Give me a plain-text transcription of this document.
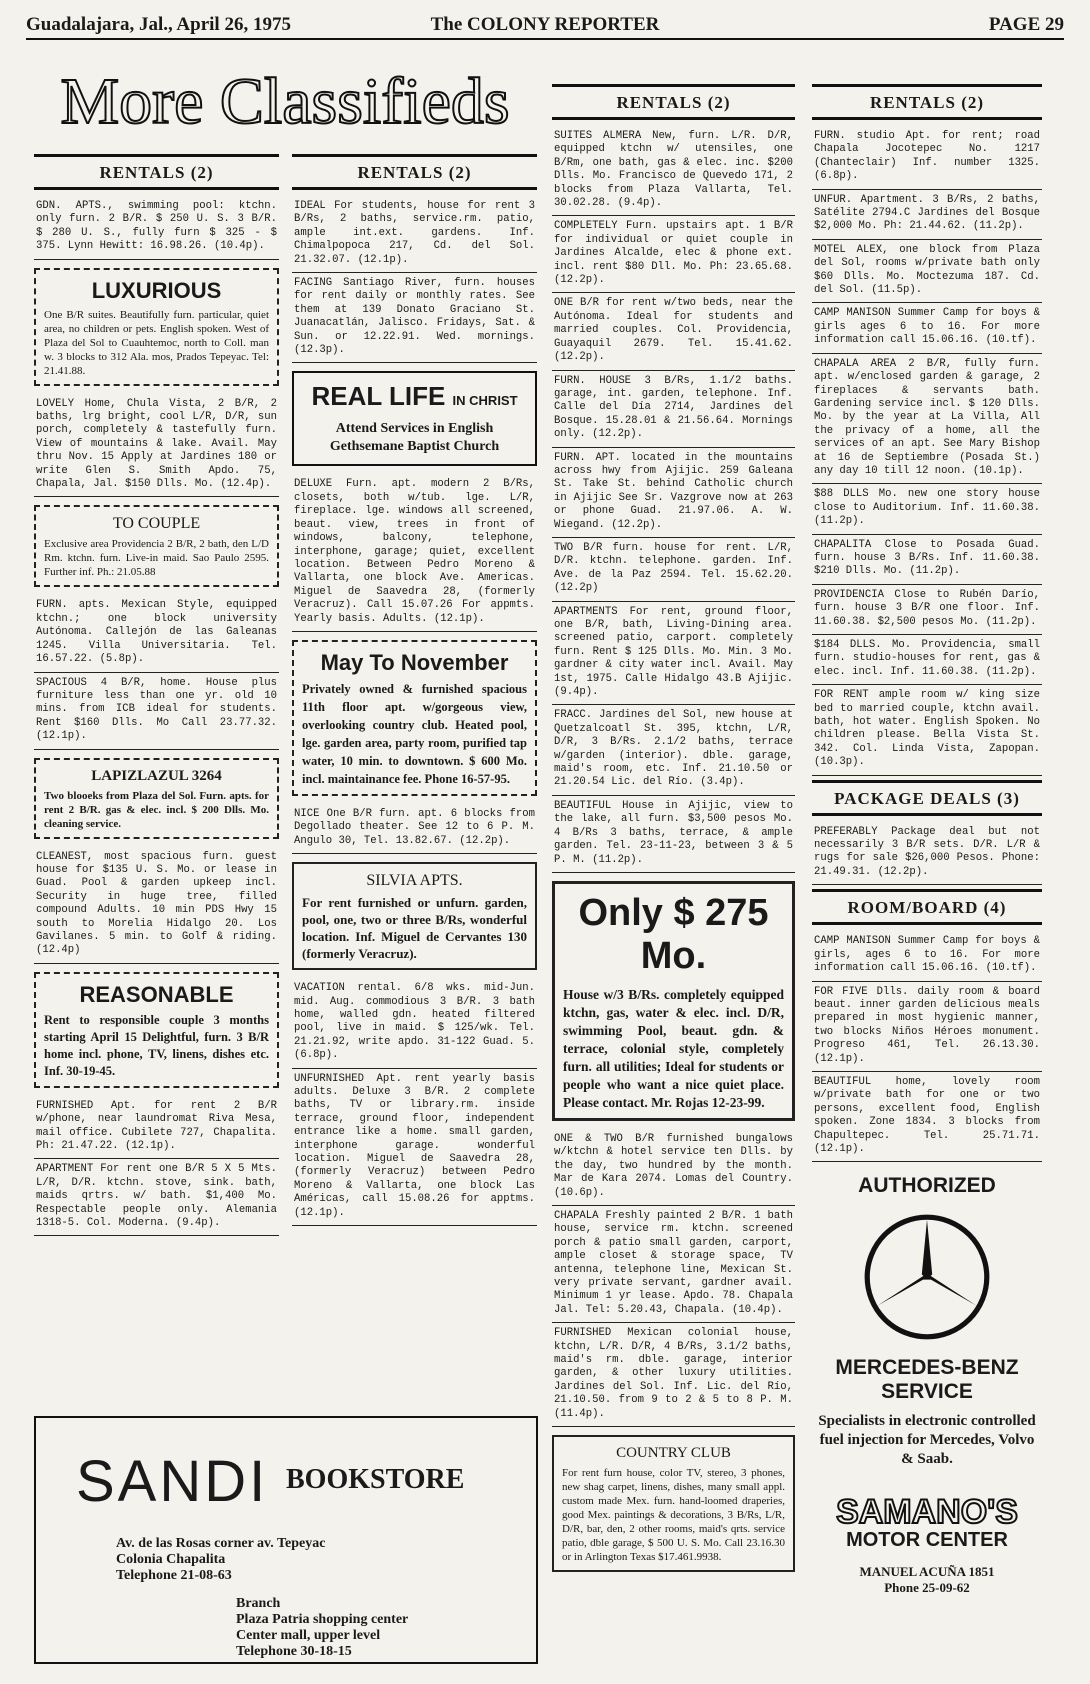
Guadalajara, Jal., April 26, 1975	The COLONY REPORTER	PAGE 29
More Classifieds
RENTALS (2)
GDN. APTS., swimming pool: ktchn. only furn. 2 B/R. $ 250 U. S. 3 B/R. $ 280 U. S., fully furn $ 325 - $ 375. Lynn Hewitt: 16.98.26. (10.4p).
LUXURIOUS
One B/R suites. Beautifully furn. particular, quiet area, no children or pets. English spoken. West of Plaza del Sol to Cuauhtemoc, north to Coll. man w. 3 blocks to 312 Ala. mos, Prados Tepeyac. Tel: 21.41.88.
LOVELY Home, Chula Vista, 2 B/R, 2 baths, lrg bright, cool L/R, D/R, sun porch, completely & tastefully furn. View of mountains & lake. Avail. May thru Nov. 15 Apply at Jardines 180 or write Glen S. Smith Apdo. 75, Chapala, Jal. $150 Dlls. Mo. (12.4p).
TO COUPLE
Exclusive area Providencia 2 B/R, 2 bath, den L/D Rm. ktchn. furn. Live-in maid. Sao Paulo 2595. Further inf. Ph.: 21.05.88
FURN. apts. Mexican Style, equipped ktchn.; one block university Autónoma. Callejón de las Galeanas 1245. Villa Universitaria. Tel. 16.57.22. (5.8p).
SPACIOUS 4 B/R, home. House plus furniture less than one yr. old 10 mins. from ICB ideal for students. Rent $160 Dlls. Mo Call 23.77.32. (12.1p).
LAPIZLAZUL 3264
Two blooeks from Plaza del Sol. Furn. apts. for rent 2 B/R. gas & elec. incl. $ 200 Dlls. Mo. cleaning service.
CLEANEST, most spacious furn. guest house for $135 U. S. Mo. or lease in Guad. Pool & garden upkeep incl. Security in huge tree, filled compound Adults. 10 min PDS Hwy 15 south to Morelia Hidalgo 20. Los Gavilanes. 5 min. to Golf & riding. (12.4p)
REASONABLE
Rent to responsible couple 3 months starting April 15 Delightful, furn. 3 B/R home incl. phone, TV, linens, dishes etc. Inf. 30-19-45.
FURNISHED Apt. for rent 2 B/R w/phone, near laundromat Riva Mesa, mail office. Cubilete 727, Chapalita. Ph: 21.47.22. (12.1p).
APARTMENT For rent one B/R 5 X 5 Mts. L/R, D/R. ktchn. stove, sink. bath, maids qrtrs. w/ bath. $1,400 Mo. Respectable people only. Alemania 1318-5. Col. Moderna. (9.4p).
RENTALS (2)
IDEAL For students, house for rent 3 B/Rs, 2 baths, service.rm. patio, ample int.ext. gardens. Inf. Chimalpopoca 217, Cd. del Sol. 21.32.07. (12.1p).
FACING Santiago River, furn. houses for rent daily or monthly rates. See them at 139 Donato Graciano St. Juanacatlán, Jalisco. Fridays, Sat. & Sun. or 12.22.91. Wed. mornings. (12.3p).
REAL LIFE IN CHRIST
Attend Services in English Gethsemane Baptist Church
DELUXE Furn. apt. modern 2 B/Rs, closets, both w/tub. lge. L/R, fireplace. lge. windows all screened, beaut. view, trees in front of windows, balcony, telephone, interphone, garage; quiet, excellent location. Between Pedro Moreno & Vallarta, one block Ave. Americas. Miguel de Saavedra 28, (formerly Veracruz). Call 15.07.26 For appmts. Yearly basis. Adults. (12.1p).
May To November
Privately owned & furnished spacious 11th floor apt. w/gorgeous view, overlooking country club. Heated pool, lge. garden area, party room, purified tap water, 10 min. to downtown. $ 600 Mo. incl. maintainance fee. Phone 16-57-95.
NICE One B/R furn. apt. 6 blocks from Degollado theater. See 12 to 6 P. M. Angulo 30, Tel. 13.82.67. (12.2p).
SILVIA APTS.
For rent furnished or unfurn. garden, pool, one, two or three B/Rs, wonderful location. Inf. Miguel de Cervantes 130 (formerly Veracruz).
VACATION rental. 6/8 wks. mid-Jun. mid. Aug. commodious 3 B/R. 3 bath home, walled gdn. heated filtered pool, live in maid. $ 125/wk. Tel. 21.21.92, write apdo. 31-122 Guad. 5. (6.8p).
UNFURNISHED Apt. rent yearly basis adults. Deluxe 3 B/R. 2 complete baths, TV or library.rm. inside terrace, ground floor, independent entrance like a home. small garden, interphone garage. wonderful location. Miguel de Saavedra 28, (formerly Veracruz) between Pedro Moreno & Vallarta, one block Las Américas, call 15.08.26 for apptms. (12.1p).
RENTALS (2)
SUITES ALMERA New, furn. L/R. D/R, equipped ktchn w/ utensiles, one B/Rm, one bath, gas & elec. inc. $200 Dlls. Mo. Francisco de Quevedo 171, 2 blocks from Plaza Vallarta, Tel. 30.02.28. (9.4p).
COMPLETELY Furn. upstairs apt. 1 B/R for individual or quiet couple in Jardines Alcalde, elec & phone ext. incl. rent $80 Dll. Mo. Ph: 23.65.68. (12.2p).
ONE B/R for rent w/two beds, near the Autónoma. Ideal for students and married couples. Col. Providencia, Guayaquil 2679. Tel. 15.41.62. (12.2p).
FURN. HOUSE 3 B/Rs, 1.1/2 baths. garage, int. garden, telephone. Inf. Calle del Día 2714, Jardines del Bosque. 15.28.01 & 21.56.64. Mornings only. (12.2p).
FURN. APT. located in the mountains across hwy from Ajijic. 259 Galeana St. Take St. behind Catholic church in Ajijic See Sr. Vazgrove now at 263 or phone Guad. 21.97.06. A. W. Wiegand. (12.2p).
TWO B/R furn. house for rent. L/R, D/R. ktchn. telephone. garden. Inf. Ave. de la Paz 2594. Tel. 15.62.20. (12.2p)
APARTMENTS For rent, ground floor, one B/R, bath, Living-Dining area. screened patio, carport. completely furn. Rent $ 125 Dlls. Mo. Min. 3 Mo. gardner & city water incl. Avail. May 1st, 1975. Calle Hidalgo 43.B Ajijic. (9.4p).
FRACC. Jardines del Sol, new house at Quetzalcoatl St. 395, ktchn, L/R, D/R, 3 B/Rs. 2.1/2 baths, terrace w/garden (interior). dble. garage, maid's room, etc. Inf. 21.10.50 or 21.20.54 Lic. del Río. (3.4p).
BEAUTIFUL House in Ajijic, view to the lake, all furn. $3,500 pesos Mo. 4 B/Rs 3 baths, terrace, & ample garden. Tel. 23-11-23, between 3 & 5 P. M. (11.2p).
Only $ 275 Mo.
House w/3 B/Rs. completely equipped ktchn, gas, water & elec. incl. D/R, swimming Pool, beaut. gdn. & terrace, colonial style, completely furn. all utilities; Ideal for students or people who want a nice quiet place. Please contact. Mr. Rojas 12-23-99.
ONE & TWO B/R furnished bungalows w/ktchn & hotel service ten Dlls. by the day, two hundred by the month. Mar de Kara 2074. Lomas del Country. (10.6p).
CHAPALA Freshly painted 2 B/R. 1 bath house, service rm. ktchn. screened porch & patio small garden, carport, ample closet & storage space, TV antenna, telephone line, Mexican St. very private servant, gardner avail. Minimum 1 yr lease. Apdo. 78. Chapala Jal. Tel: 5.20.43, Chapala. (10.4p).
FURNISHED Mexican colonial house, ktchn, L/R. D/R, 4 B/Rs, 3.1/2 baths, maid's rm. dble. garage, interior garden, & other luxury utilities. Jardines del Sol. Inf. Lic. del Río, 21.10.50. from 9 to 2 & 5 to 8 P. M. (11.4p).
COUNTRY CLUB
For rent furn house, color TV, stereo, 3 phones, new shag carpet, linens, dishes, many small appl. custom made Mex. furn. hand-loomed draperies, good Mex. paintings & decorations, 3 B/Rs, L/R, D/R, bar, den, 2 other rooms, maid's qrts. service patio, dble garage, $ 500 U. S. Mo. Call 23.16.30 or in Arlington Texas $17.461.9938.
RENTALS (2)
FURN. studio Apt. for rent; road Chapala Jocotepec No. 1217 (Chanteclair) Inf. number 1325. (6.8p).
UNFUR. Apartment. 3 B/Rs, 2 baths, Satélite 2794.C Jardines del Bosque $2,000 Mo. Ph: 21.44.62. (11.2p).
MOTEL ALEX, one block from Plaza del Sol, rooms w/private bath only $60 Dlls. Mo. Moctezuma 187. Cd. del Sol. (11.5p).
CAMP MANISON Summer Camp for boys & girls ages 6 to 16. For more information call 15.06.16. (10.tf).
CHAPALA AREA 2 B/R, fully furn. apt. w/enclosed garden & garage, 2 fireplaces & servants bath. Gardening service incl. $ 120 Dlls. Mo. by the year at La Villa, All the privacy of a home, all the services of an apt. See Mary Bishop at 16 de Septiembre (Posada St.) any day 10 till 12 noon. (10.1p).
$88 DLLS Mo. new one story house close to Auditorium. Inf. 11.60.38. (11.2p).
CHAPALITA Close to Posada Guad. furn. house 3 B/Rs. Inf. 11.60.38. $210 Dlls. Mo. (11.2p).
PROVIDENCIA Close to Rubén Darío, furn. house 3 B/R one floor. Inf. 11.60.38. $2,500 pesos Mo. (11.2p).
$184 DLLS. Mo. Providencia, small furn. studio-houses for rent, gas & elec. incl. Inf. 11.60.38. (11.2p).
FOR RENT ample room w/ king size bed to married couple, ktchn avail. bath, hot water. English Spoken. No children please. Bella Vista St. 342. Col. Linda Vista, Zapopan. (10.3p).
PACKAGE DEALS (3)
PREFERABLY Package deal but not necessarily 3 B/R sets. D/R. L/R & rugs for sale $26,000 Pesos. Phone: 21.49.31. (12.2p).
ROOM/BOARD (4)
CAMP MANISON Summer Camp for boys & girls, ages 6 to 16. For more information call 15.06.16. (10.tf).
FOR FIVE Dlls. daily room & board beaut. inner garden delicious meals prepared in most hygienic manner, two blocks Niños Héroes monument. Progreso 461, Tel. 26.13.30. (12.1p).
BEAUTIFUL home, lovely room w/private bath for one or two persons, excellent food, English spoken. Zone 1834. 3 blocks from Chapultepec. Tel. 25.71.71. (12.1p).
AUTHORIZED
MERCEDES-BENZ SERVICE
Specialists in electronic controlled fuel injection for Mercedes, Volvo & Saab.
SAMANO'S
MOTOR CENTER
MANUEL ACUÑA 1851
Phone 25-09-62
SANDI BOOKSTORE
Av. de las Rosas corner av. Tepeyac
Colonia Chapalita
Telephone 21-08-63
Branch
Plaza Patria shopping center
Center mall, upper level
Telephone 30-18-15
